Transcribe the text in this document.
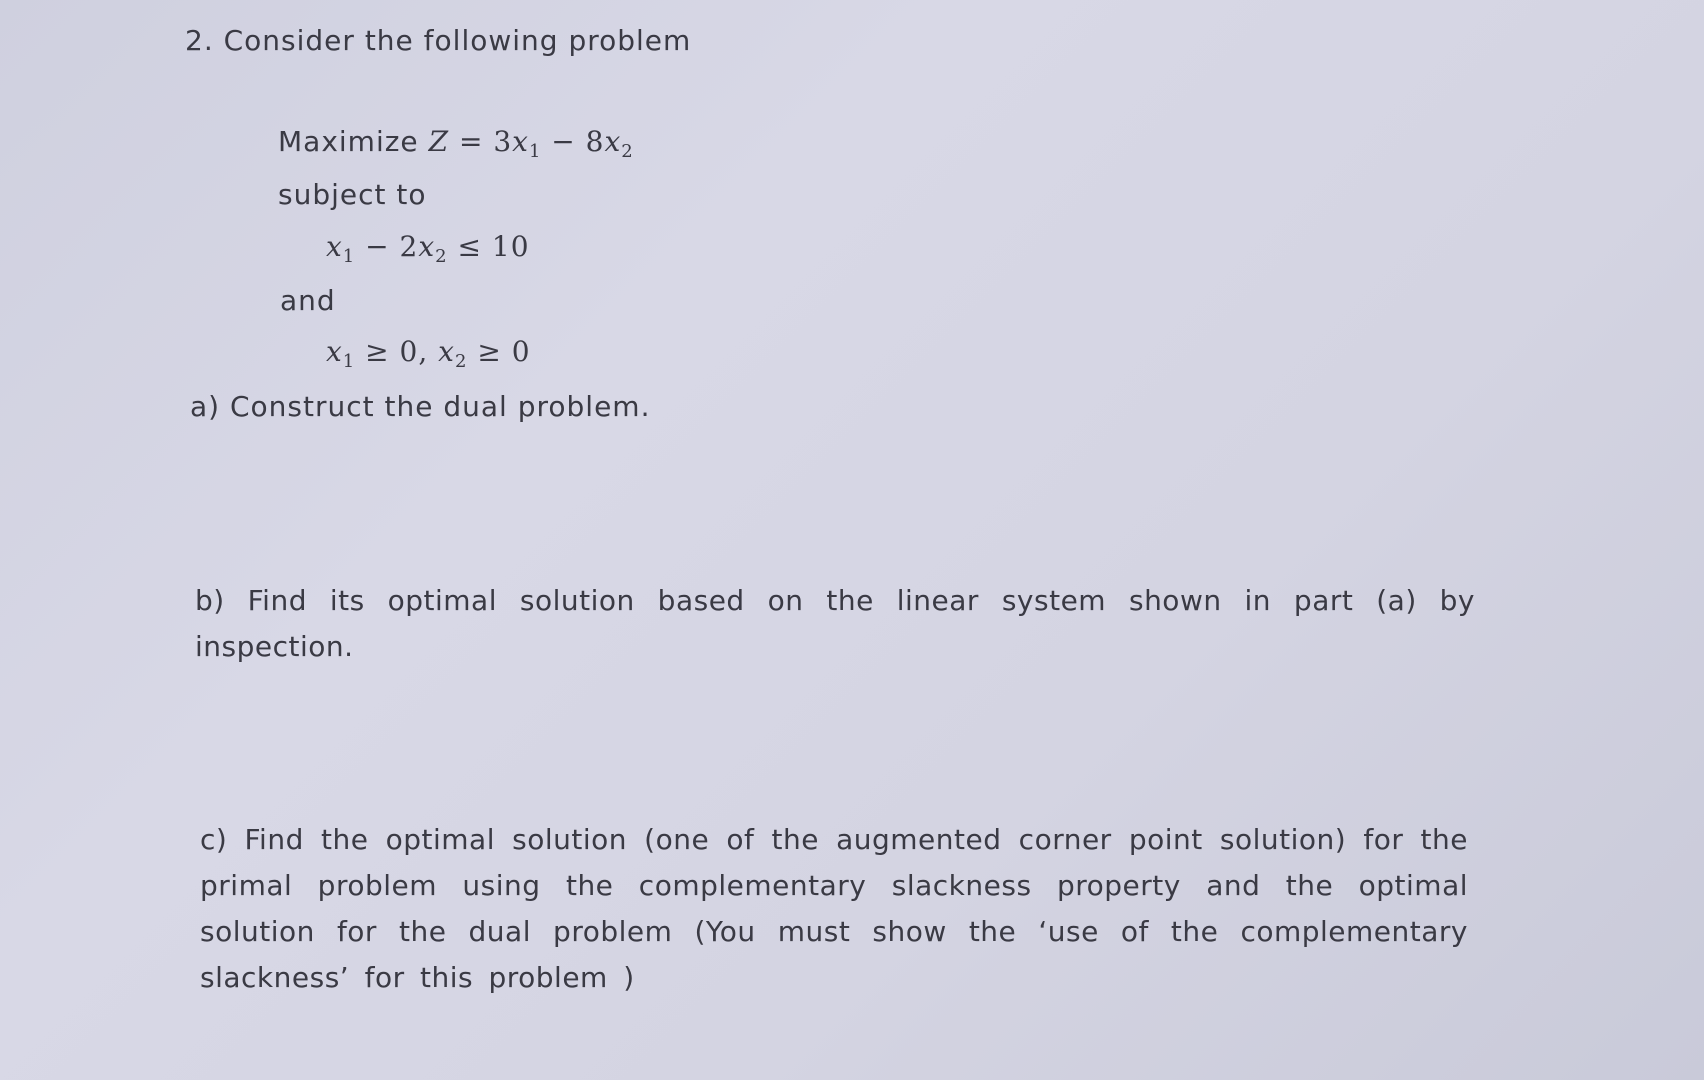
2. Consider the following problem
Maximize $Z = 3x_1 - 8x_2$
subject to
$x_1 - 2x_2 \le 10$
and
$x_1 \ge 0$, $x_2 \ge 0$
a) Construct the dual problem.
b) Find its optimal solution based on the linear system shown in part (a) by inspection.
c) Find the optimal solution (one of the augmented corner point solution) for the primal problem using the complementary slackness property and the optimal solution for the dual problem (You must show the ‘use of the complementary slackness’ for this problem )
